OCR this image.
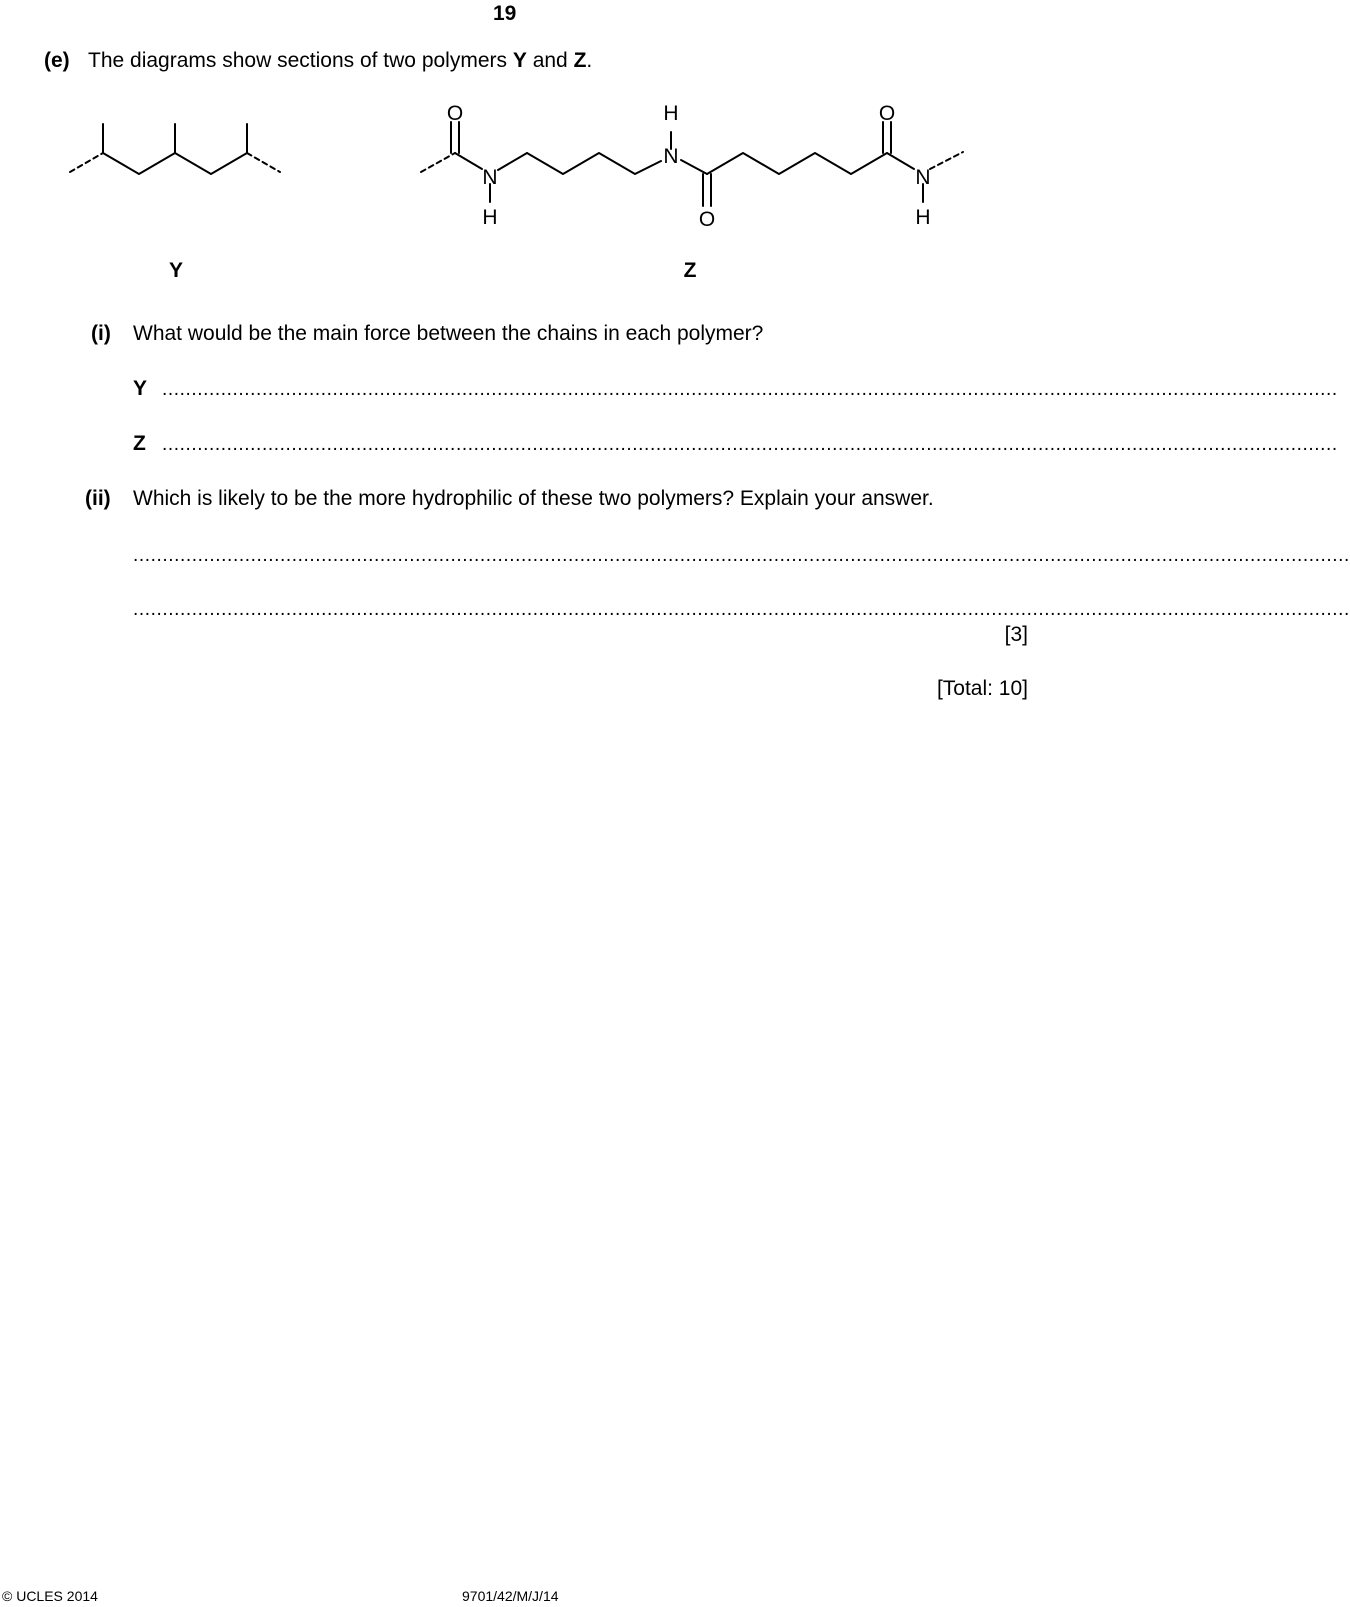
19
(e) The diagrams show sections of two polymers Y and Z.
O
N
H
H
N
O
O
N
H
Y	Z
(i) What would be the main force between the chains in each polymer?
Y ........................................................................................................................................................................................................
Z ........................................................................................................................................................................................................
(ii) Which is likely to be the more hydrophilic of these two polymers? Explain your answer.
...............................................................................................................................................................................................................
...............................................................................................................................................................................................................
[3]
[Total: 10]
© UCLES 2014	9701/42/M/J/14
